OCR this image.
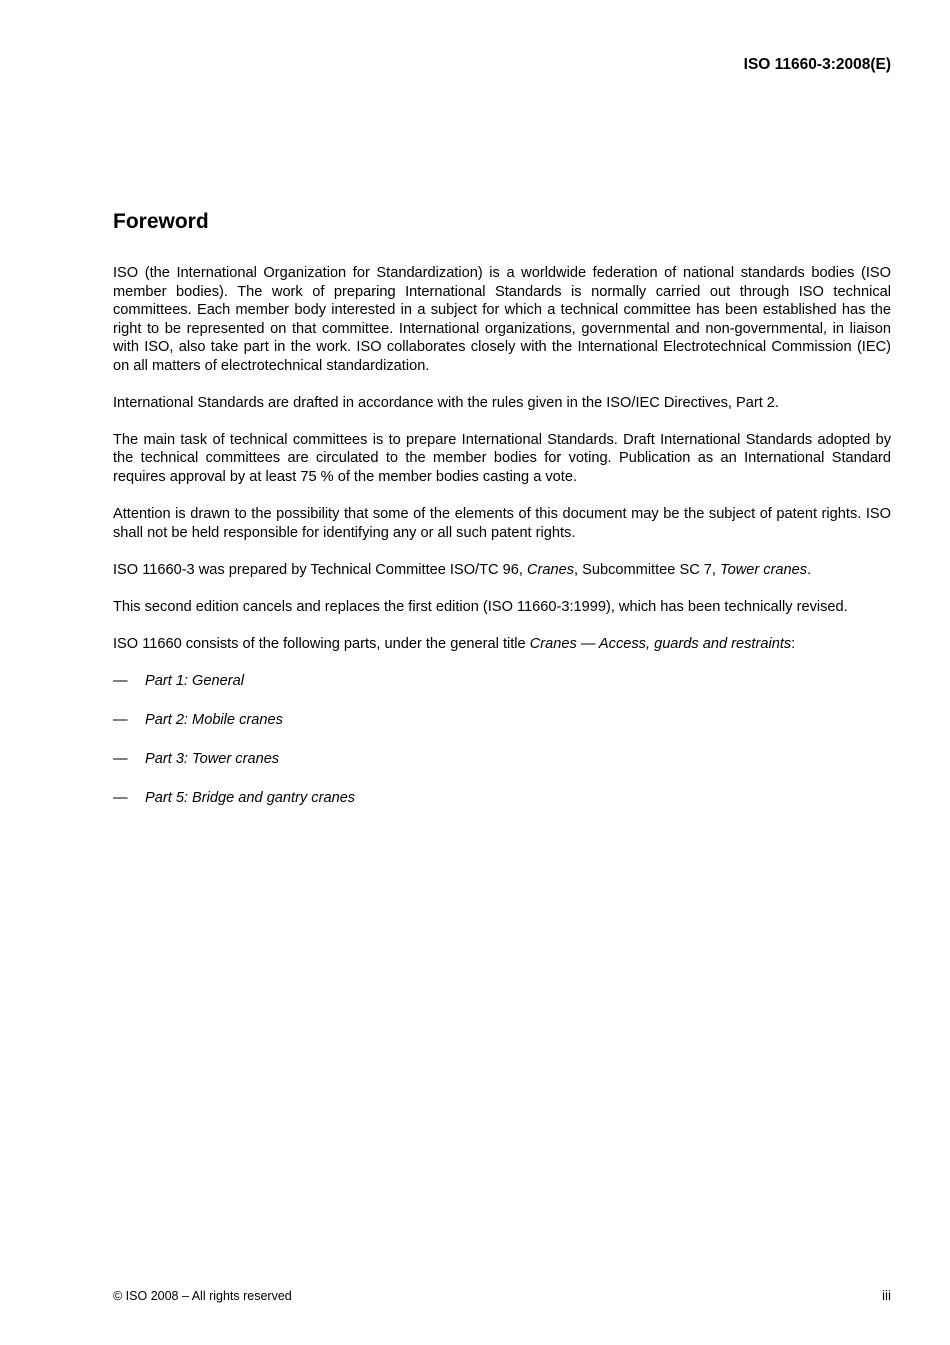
ISO 11660-3:2008(E)
Foreword

ISO (the International Organization for Standardization) is a worldwide federation of national standards bodies (ISO member bodies). The work of preparing International Standards is normally carried out through ISO technical committees. Each member body interested in a subject for which a technical committee has been established has the right to be represented on that committee. International organizations, governmental and non-governmental, in liaison with ISO, also take part in the work. ISO collaborates closely with the International Electrotechnical Commission (IEC) on all matters of electrotechnical standardization.

International Standards are drafted in accordance with the rules given in the ISO/IEC Directives, Part 2.

The main task of technical committees is to prepare International Standards. Draft International Standards adopted by the technical committees are circulated to the member bodies for voting. Publication as an International Standard requires approval by at least 75 % of the member bodies casting a vote.

Attention is drawn to the possibility that some of the elements of this document may be the subject of patent rights. ISO shall not be held responsible for identifying any or all such patent rights.

ISO 11660-3 was prepared by Technical Committee ISO/TC 96, Cranes, Subcommittee SC 7, Tower cranes.

This second edition cancels and replaces the first edition (ISO 11660-3:1999), which has been technically revised.

ISO 11660 consists of the following parts, under the general title Cranes — Access, guards and restraints:

—	Part 1: General
—	Part 2: Mobile cranes
—	Part 3: Tower cranes
—	Part 5: Bridge and gantry cranes
© ISO 2008 – All rights reserved	iii
